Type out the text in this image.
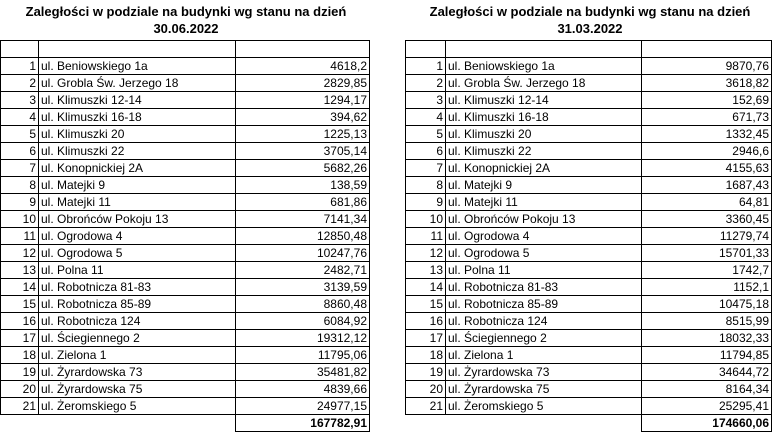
Zaległości w podziale na budynki wg stanu na dzień
30.06.2022

1	ul. Beniowskiego 1a	4618,2
2	ul. Grobla Św. Jerzego 18	2829,85
3	ul. Klimuszki 12-14	1294,17
4	ul. Klimuszki 16-18	394,62
5	ul. Klimuszki 20	1225,13
6	ul. Klimuszki 22	3705,14
7	ul. Konopnickiej 2A	5682,26
8	ul. Matejki 9	138,59
9	ul. Matejki 11	681,86
10	ul. Obrońców Pokoju 13	7141,34
11	ul. Ogrodowa 4	12850,48
12	ul. Ogrodowa 5	10247,76
13	ul. Polna 11	2482,71
14	ul. Robotnicza 81-83	3139,59
15	ul. Robotnicza 85-89	8860,48
16	ul. Robotnicza 124	6084,92
17	ul. Ściegiennego 2	19312,12
18	ul. Zielona 1	11795,06
19	ul. Żyrardowska 73	35481,82
20	ul. Żyrardowska 75	4839,66
21	ul. Żeromskiego 5	24977,15
		167782,91
Zaległości w podziale na budynki wg stanu na dzień
31.03.2022

1	ul. Beniowskiego 1a	9870,76
2	ul. Grobla Św. Jerzego 18	3618,82
3	ul. Klimuszki 12-14	152,69
4	ul. Klimuszki 16-18	671,73
5	ul. Klimuszki 20	1332,45
6	ul. Klimuszki 22	2946,6
7	ul. Konopnickiej 2A	4155,63
8	ul. Matejki 9	1687,43
9	ul. Matejki 11	64,81
10	ul. Obrońców Pokoju 13	3360,45
11	ul. Ogrodowa 4	11279,74
12	ul. Ogrodowa 5	15701,33
13	ul. Polna 11	1742,7
14	ul. Robotnicza 81-83	1152,1
15	ul. Robotnicza 85-89	10475,18
16	ul. Robotnicza 124	8515,99
17	ul. Ściegiennego 2	18032,33
18	ul. Zielona 1	11794,85
19	ul. Żyrardowska 73	34644,72
20	ul. Żyrardowska 75	8164,34
21	ul. Żeromskiego 5	25295,41
		174660,06
